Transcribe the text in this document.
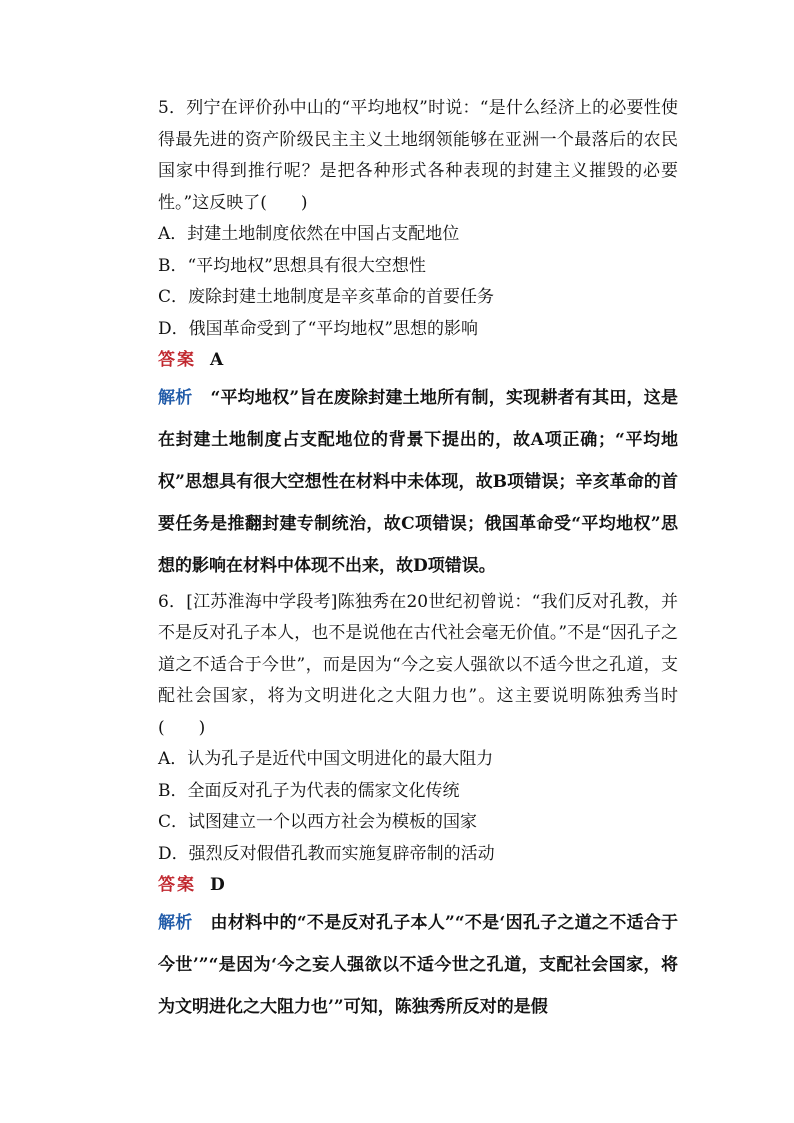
5．列宁在评价孙中山的“平均地权”时说：“是什么经济上的必要性使得最先进的资产阶级民主主义土地纲领能够在亚洲一个最落后的农民国家中得到推行呢？是把各种形式各种表现的封建主义摧毁的必要性。”这反映了(　　)
A．封建土地制度依然在中国占支配地位
B．“平均地权”思想具有很大空想性
C．废除封建土地制度是辛亥革命的首要任务
D．俄国革命受到了“平均地权”思想的影响
答案 A
解析 “平均地权”旨在废除封建土地所有制，实现耕者有其田，这是在封建土地制度占支配地位的背景下提出的，故A项正确；“平均地权”思想具有很大空想性在材料中未体现，故B项错误；辛亥革命的首要任务是推翻封建专制统治，故C项错误；俄国革命受“平均地权”思想的影响在材料中体现不出来，故D项错误。
6．[江苏淮海中学段考]陈独秀在20世纪初曾说：“我们反对孔教，并不是反对孔子本人，也不是说他在古代社会毫无价值。”不是“因孔子之道之不适合于今世”，而是因为“今之妄人强欲以不适今世之孔道，支配社会国家，将为文明进化之大阻力也”。这主要说明陈独秀当时(　　)
A．认为孔子是近代中国文明进化的最大阻力
B．全面反对孔子为代表的儒家文化传统
C．试图建立一个以西方社会为模板的国家
D．强烈反对假借孔教而实施复辟帝制的活动
答案 D
解析 由材料中的“不是反对孔子本人”“不是‘因孔子之道之不适合于今世’”“是因为‘今之妄人强欲以不适今世之孔道，支配社会国家，将为文明进化之大阻力也’”可知，陈独秀所反对的是假
